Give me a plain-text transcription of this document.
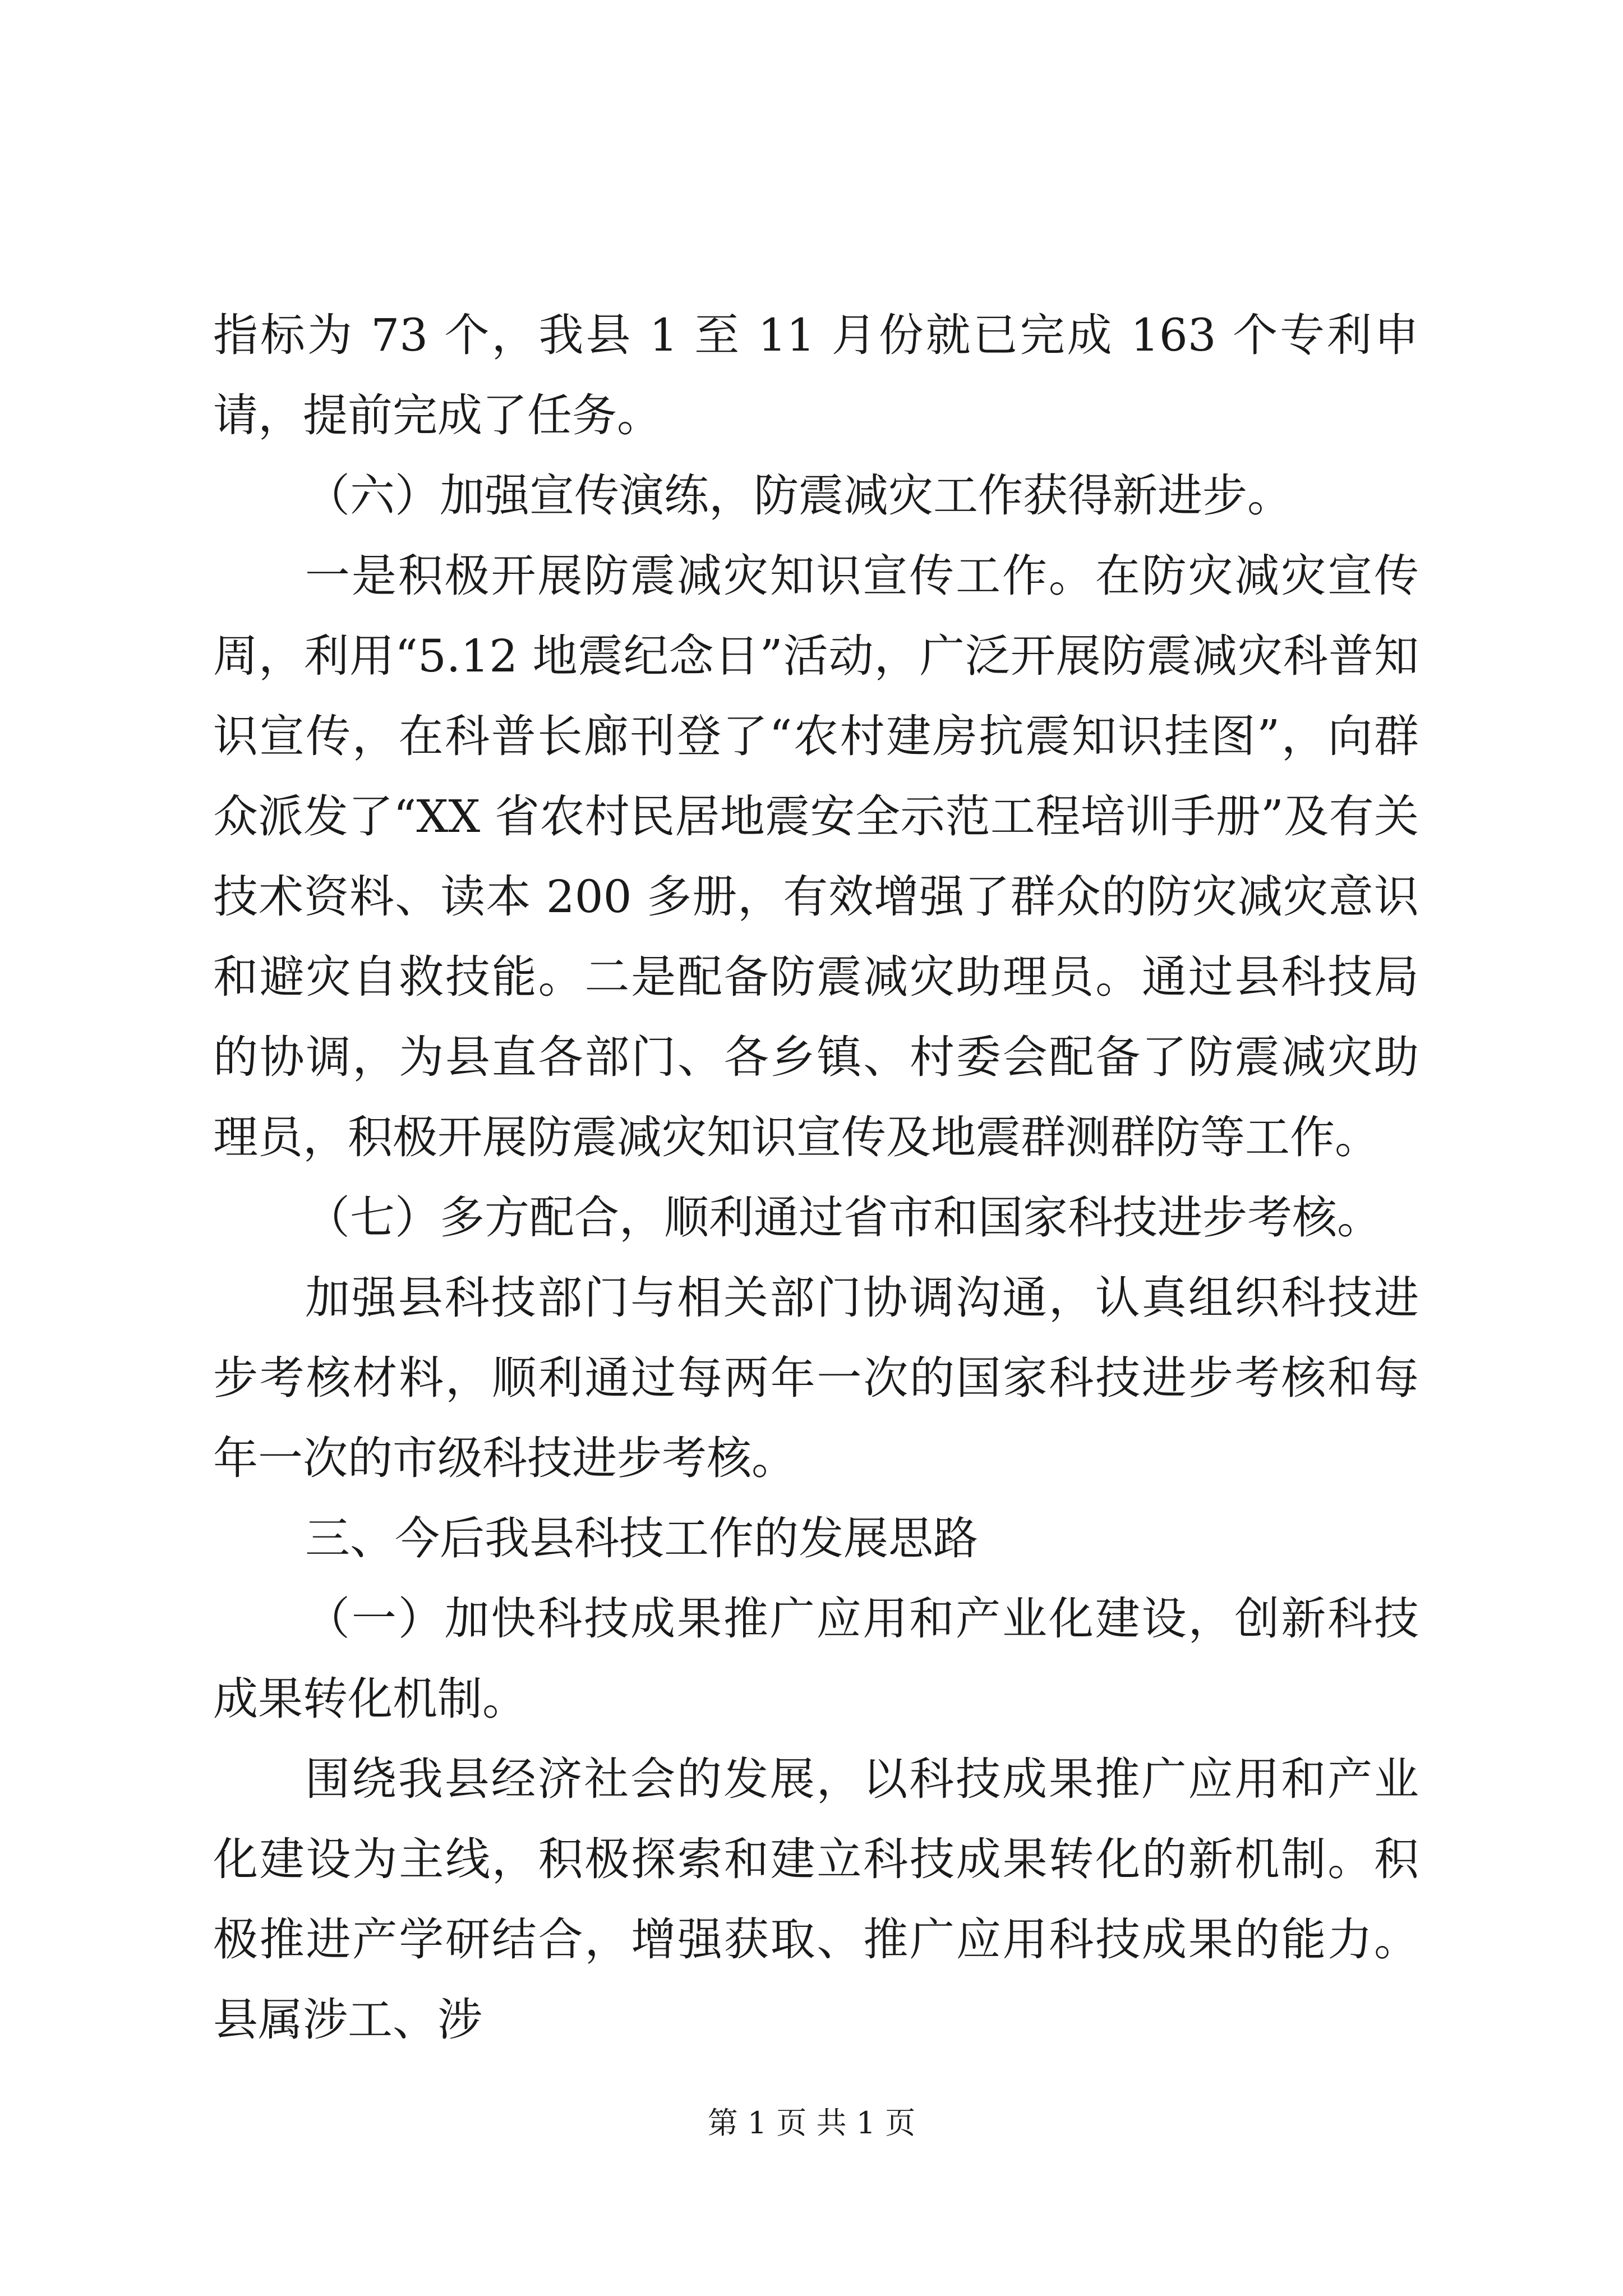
指标为 73 个，我县 1 至 11 月份就已完成 163 个专利申请，提前完成了任务。

（六）加强宣传演练，防震减灾工作获得新进步。

一是积极开展防震减灾知识宣传工作。在防灾减灾宣传周，利用“5.12 地震纪念日”活动，广泛开展防震减灾科普知识宣传，在科普长廊刊登了“农村建房抗震知识挂图”，向群众派发了“XX 省农村民居地震安全示范工程培训手册”及有关技术资料、读本 200 多册，有效增强了群众的防灾减灾意识和避灾自救技能。二是配备防震减灾助理员。通过县科技局的协调，为县直各部门、各乡镇、村委会配备了防震减灾助理员，积极开展防震减灾知识宣传及地震群测群防等工作。

（七）多方配合，顺利通过省市和国家科技进步考核。

加强县科技部门与相关部门协调沟通，认真组织科技进步考核材料，顺利通过每两年一次的国家科技进步考核和每年一次的市级科技进步考核。

三、今后我县科技工作的发展思路

（一）加快科技成果推广应用和产业化建设，创新科技成果转化机制。

围绕我县经济社会的发展，以科技成果推广应用和产业化建设为主线，积极探索和建立科技成果转化的新机制。积极推进产学研结合，增强获取、推广应用科技成果的能力。县属涉工、涉

第 1 页 共 1 页
